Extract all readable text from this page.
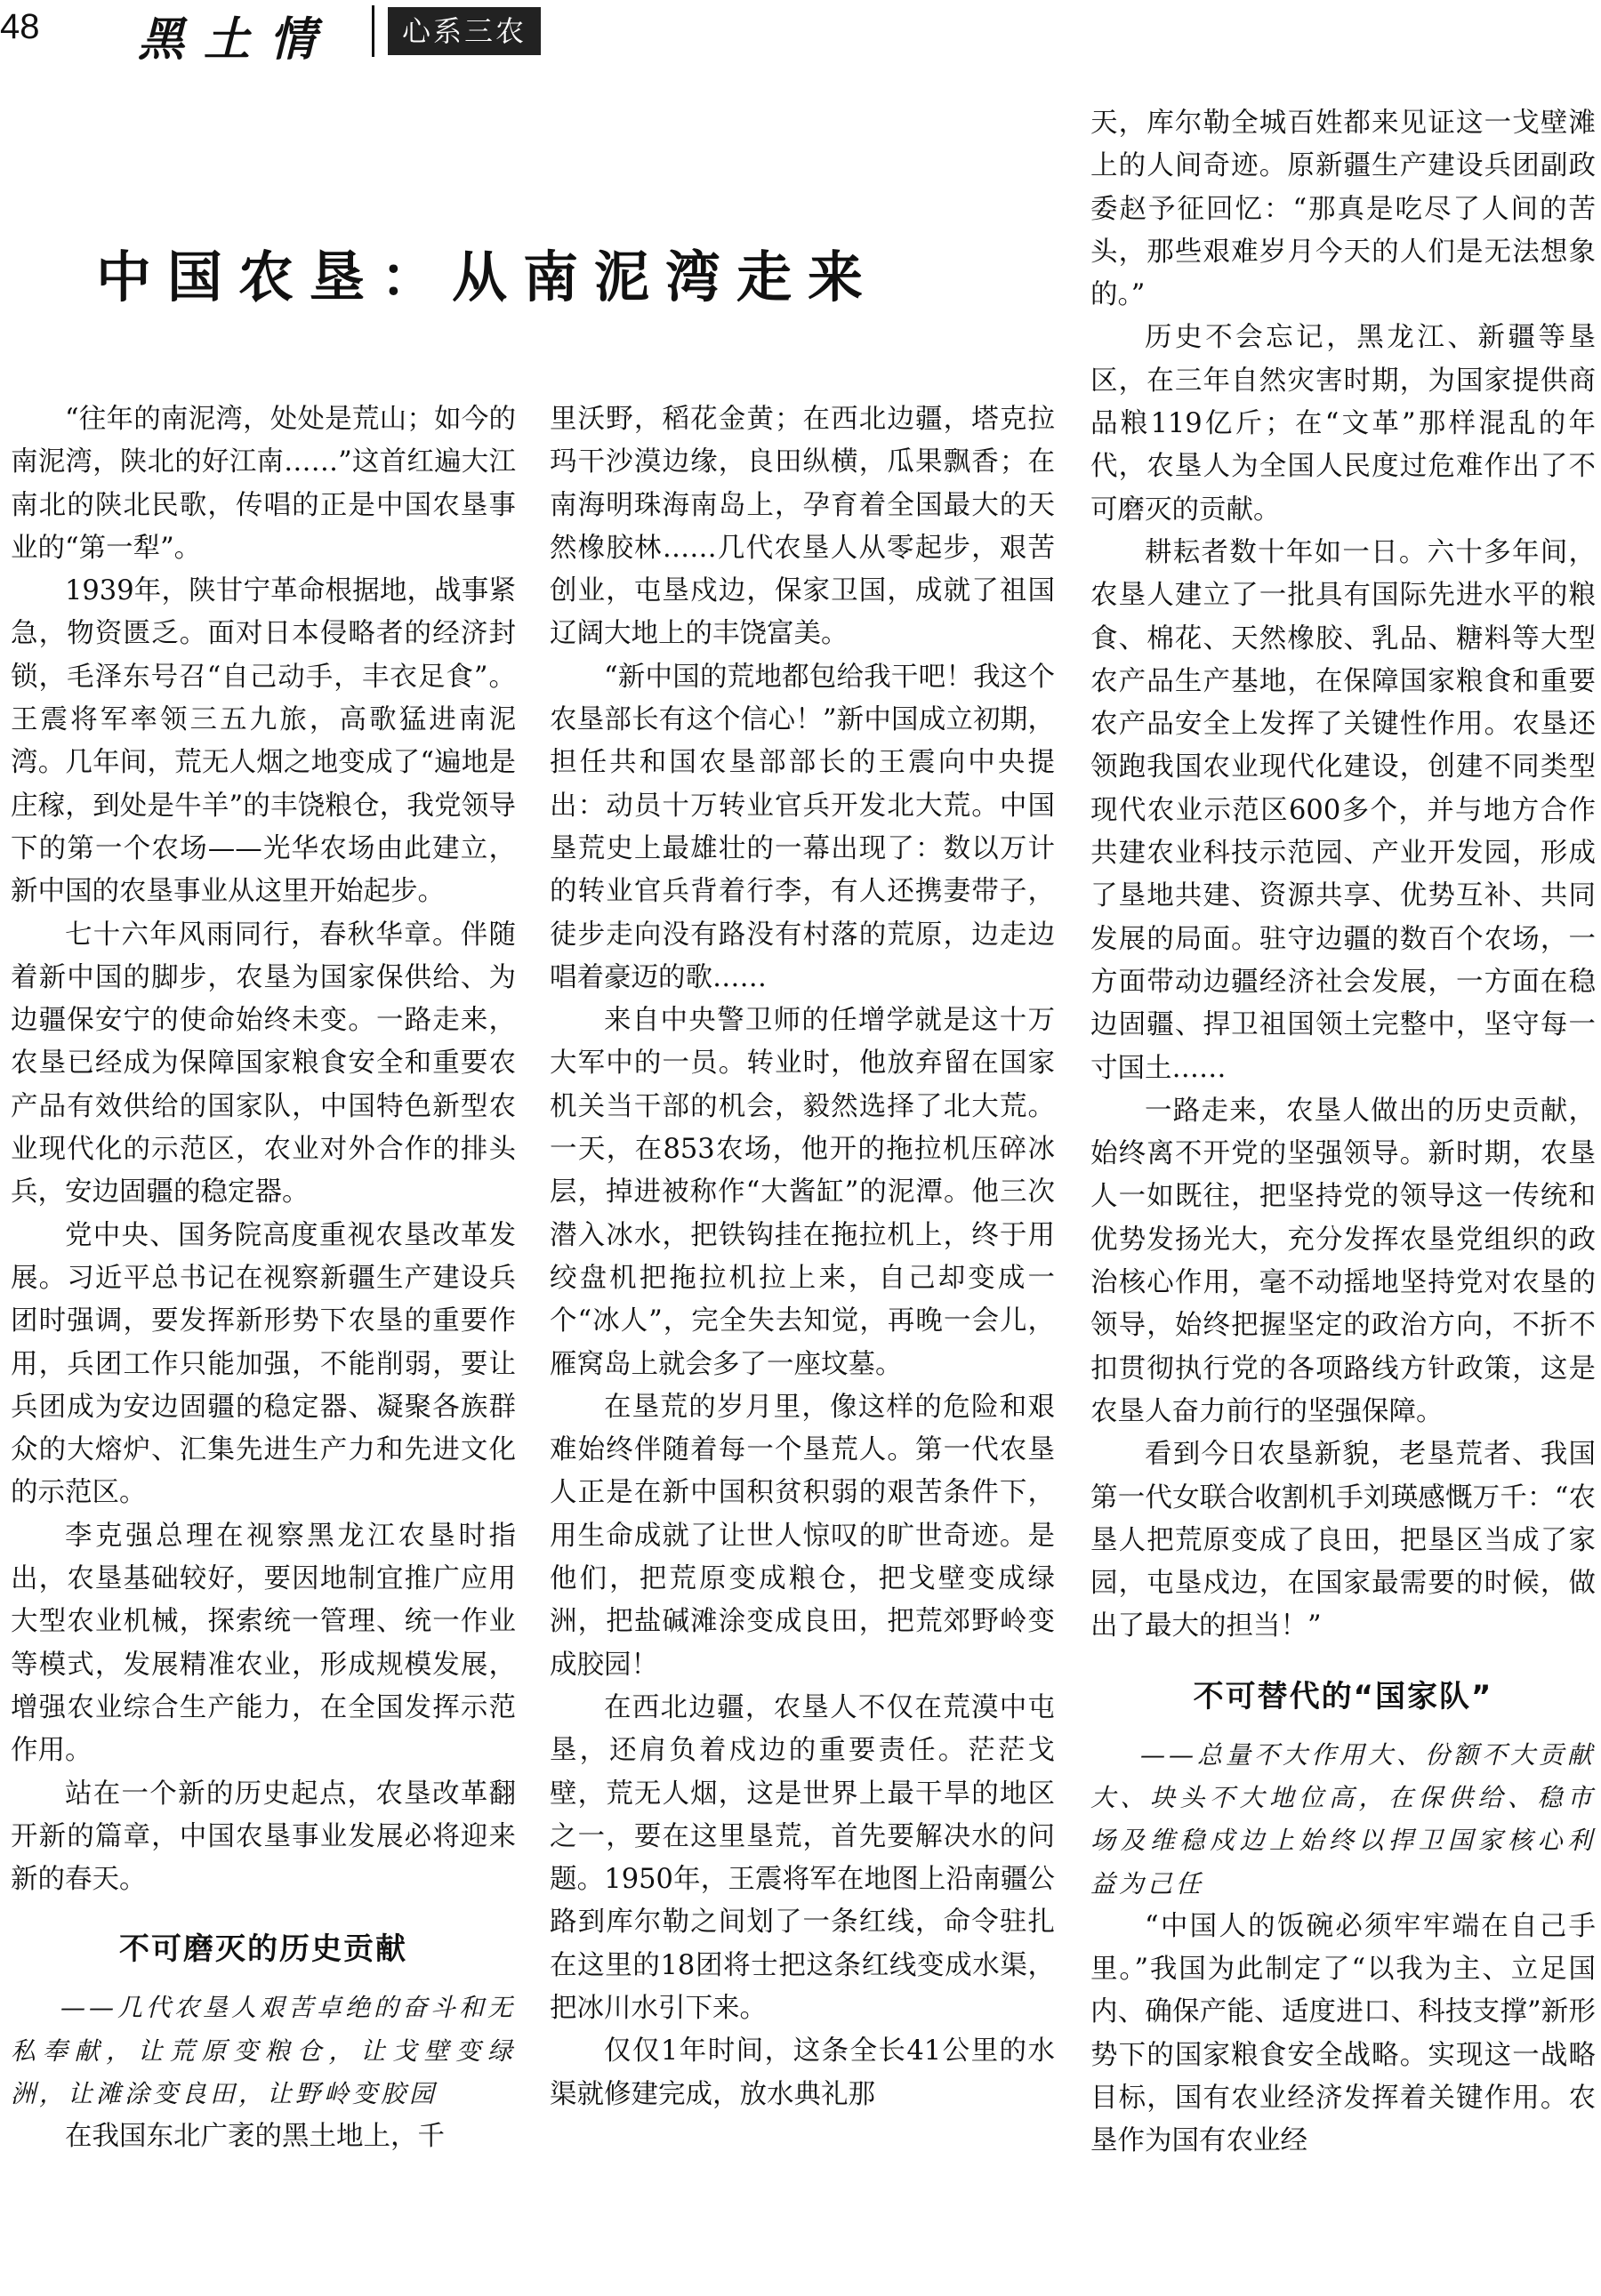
48 黑土情	心系三农
中国农垦：从南泥湾走来

“往年的南泥湾，处处是荒山；如今的南泥湾，陕北的好江南……”这首红遍大江南北的陕北民歌，传唱的正是中国农垦事业的“第一犁”。

1939年，陕甘宁革命根据地，战事紧急，物资匮乏。面对日本侵略者的经济封锁，毛泽东号召“自己动手，丰衣足食”。王震将军率领三五九旅，高歌猛进南泥湾。几年间，荒无人烟之地变成了“遍地是庄稼，到处是牛羊”的丰饶粮仓，我党领导下的第一个农场——光华农场由此建立，新中国的农垦事业从这里开始起步。

七十六年风雨同行，春秋华章。伴随着新中国的脚步，农垦为国家保供给、为边疆保安宁的使命始终未变。一路走来，农垦已经成为保障国家粮食安全和重要农产品有效供给的国家队，中国特色新型农业现代化的示范区，农业对外合作的排头兵，安边固疆的稳定器。

党中央、国务院高度重视农垦改革发展。习近平总书记在视察新疆生产建设兵团时强调，要发挥新形势下农垦的重要作用，兵团工作只能加强，不能削弱，要让兵团成为安边固疆的稳定器、凝聚各族群众的大熔炉、汇集先进生产力和先进文化的示范区。

李克强总理在视察黑龙江农垦时指出，农垦基础较好，要因地制宜推广应用大型农业机械，探索统一管理、统一作业等模式，发展精准农业，形成规模发展，增强农业综合生产能力，在全国发挥示范作用。

站在一个新的历史起点，农垦改革翻开新的篇章，中国农垦事业发展必将迎来新的春天。

不可磨灭的历史贡献

——几代农垦人艰苦卓绝的奋斗和无私奉献，让荒原变粮仓，让戈壁变绿洲，让滩涂变良田，让野岭变胶园

在我国东北广袤的黑土地上，千

里沃野，稻花金黄；在西北边疆，塔克拉玛干沙漠边缘，良田纵横，瓜果飘香；在南海明珠海南岛上，孕育着全国最大的天然橡胶林……几代农垦人从零起步，艰苦创业，屯垦戍边，保家卫国，成就了祖国辽阔大地上的丰饶富美。

“新中国的荒地都包给我干吧！我这个农垦部长有这个信心！”新中国成立初期，担任共和国农垦部部长的王震向中央提出：动员十万转业官兵开发北大荒。中国垦荒史上最雄壮的一幕出现了：数以万计的转业官兵背着行李，有人还携妻带子，徒步走向没有路没有村落的荒原，边走边唱着豪迈的歌……

来自中央警卫师的任增学就是这十万大军中的一员。转业时，他放弃留在国家机关当干部的机会，毅然选择了北大荒。一天，在853农场，他开的拖拉机压碎冰层，掉进被称作“大酱缸”的泥潭。他三次潜入冰水，把铁钩挂在拖拉机上，终于用绞盘机把拖拉机拉上来，自己却变成一个“冰人”，完全失去知觉，再晚一会儿，雁窝岛上就会多了一座坟墓。

在垦荒的岁月里，像这样的危险和艰难始终伴随着每一个垦荒人。第一代农垦人正是在新中国积贫积弱的艰苦条件下，用生命成就了让世人惊叹的旷世奇迹。是他们，把荒原变成粮仓，把戈壁变成绿洲，把盐碱滩涂变成良田，把荒郊野岭变成胶园！

在西北边疆，农垦人不仅在荒漠中屯垦，还肩负着戍边的重要责任。茫茫戈壁，荒无人烟，这是世界上最干旱的地区之一，要在这里垦荒，首先要解决水的问题。1950年，王震将军在地图上沿南疆公路到库尔勒之间划了一条红线，命令驻扎在这里的18团将士把这条红线变成水渠，把冰川水引下来。

仅仅1年时间，这条全长41公里的水渠就修建完成，放水典礼那

天，库尔勒全城百姓都来见证这一戈壁滩上的人间奇迹。原新疆生产建设兵团副政委赵予征回忆：“那真是吃尽了人间的苦头，那些艰难岁月今天的人们是无法想象的。”

历史不会忘记，黑龙江、新疆等垦区，在三年自然灾害时期，为国家提供商品粮119亿斤；在“文革”那样混乱的年代，农垦人为全国人民度过危难作出了不可磨灭的贡献。

耕耘者数十年如一日。六十多年间，农垦人建立了一批具有国际先进水平的粮食、棉花、天然橡胶、乳品、糖料等大型农产品生产基地，在保障国家粮食和重要农产品安全上发挥了关键性作用。农垦还领跑我国农业现代化建设，创建不同类型现代农业示范区600多个，并与地方合作共建农业科技示范园、产业开发园，形成了垦地共建、资源共享、优势互补、共同发展的局面。驻守边疆的数百个农场，一方面带动边疆经济社会发展，一方面在稳边固疆、捍卫祖国领土完整中，坚守每一寸国土……

一路走来，农垦人做出的历史贡献，始终离不开党的坚强领导。新时期，农垦人一如既往，把坚持党的领导这一传统和优势发扬光大，充分发挥农垦党组织的政治核心作用，毫不动摇地坚持党对农垦的领导，始终把握坚定的政治方向，不折不扣贯彻执行党的各项路线方针政策，这是农垦人奋力前行的坚强保障。

看到今日农垦新貌，老垦荒者、我国第一代女联合收割机手刘瑛感慨万千：“农垦人把荒原变成了良田，把垦区当成了家园，屯垦戍边，在国家最需要的时候，做出了最大的担当！”

不可替代的“国家队”

——总量不大作用大、份额不大贡献大、块头不大地位高，在保供给、稳市场及维稳戍边上始终以捍卫国家核心利益为己任

“中国人的饭碗必须牢牢端在自己手里。”我国为此制定了“以我为主、立足国内、确保产能、适度进口、科技支撑”新形势下的国家粮食安全战略。实现这一战略目标，国有农业经济发挥着关键作用。农垦作为国有农业经
